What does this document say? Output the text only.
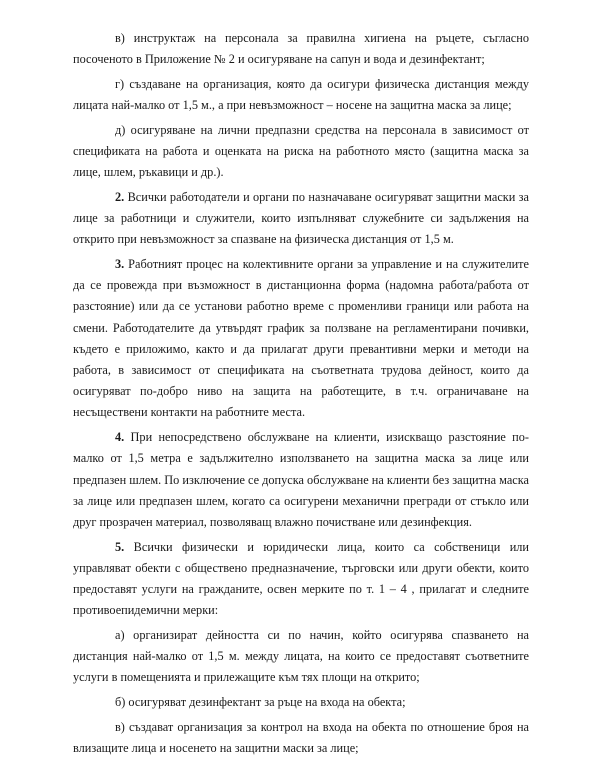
в) инструктаж на персонала за правилна хигиена на ръцете, съгласно посоченото в Приложение № 2 и осигуряване на сапун и вода и дезинфектант;

г) създаване на организация, която да осигури физическа дистанция между лицата най-малко от 1,5 м., а при невъзможност – носене на защитна маска за лице;

д) осигуряване на лични предпазни средства на персонала в зависимост от спецификата на работа и оценката на риска на работното място (защитна маска за лице, шлем, ръкавици и др.).

2. Всички работодатели и органи по назначаване осигуряват защитни маски за лице за работници и служители, които изпълняват служебните си задължения на открито при невъзможност за спазване на физическа дистанция от 1,5 м.

3. Работният процес на колективните органи за управление и на служителите да се провежда при възможност в дистанционна форма (надомна работа/работа от разстояние) или да се установи работно време с променливи граници или работа на смени. Работодателите да утвърдят график за ползване на регламентирани почивки, където е приложимо, както и да прилагат други превантивни мерки и методи на работа, в зависимост от спецификата на съответната трудова дейност, които да осигуряват по-добро ниво на защита на работещите, в т.ч. ограничаване на несъществени контакти на работните места.

4. При непосредствено обслужване на клиенти, изискващо разстояние по-малко от 1,5 метра е задължително използването на защитна маска за лице или предпазен шлем. По изключение се допуска обслужване на клиенти без защитна маска за лице или предпазен шлем, когато са осигурени механични прегради от стъкло или друг прозрачен материал, позволяващ влажно почистване или дезинфекция.

5. Всички физически и юридически лица, които са собственици или управляват обекти с обществено предназначение, търговски или други обекти, които предоставят услуги на гражданите, освен мерките по т. 1 – 4 , прилагат и следните противоепидемични мерки:

а) организират дейността си по начин, който осигурява спазването на дистанция най-малко от 1,5 м. между лицата, на които се предоставят съответните услуги в помещенията и прилежащите към тях площи на открито;

б) осигуряват дезинфектант за ръце на входа на обекта;

в) създават организация за контрол на входа на обекта по отношение броя на влизащите лица и носенето на защитни маски за лице;
